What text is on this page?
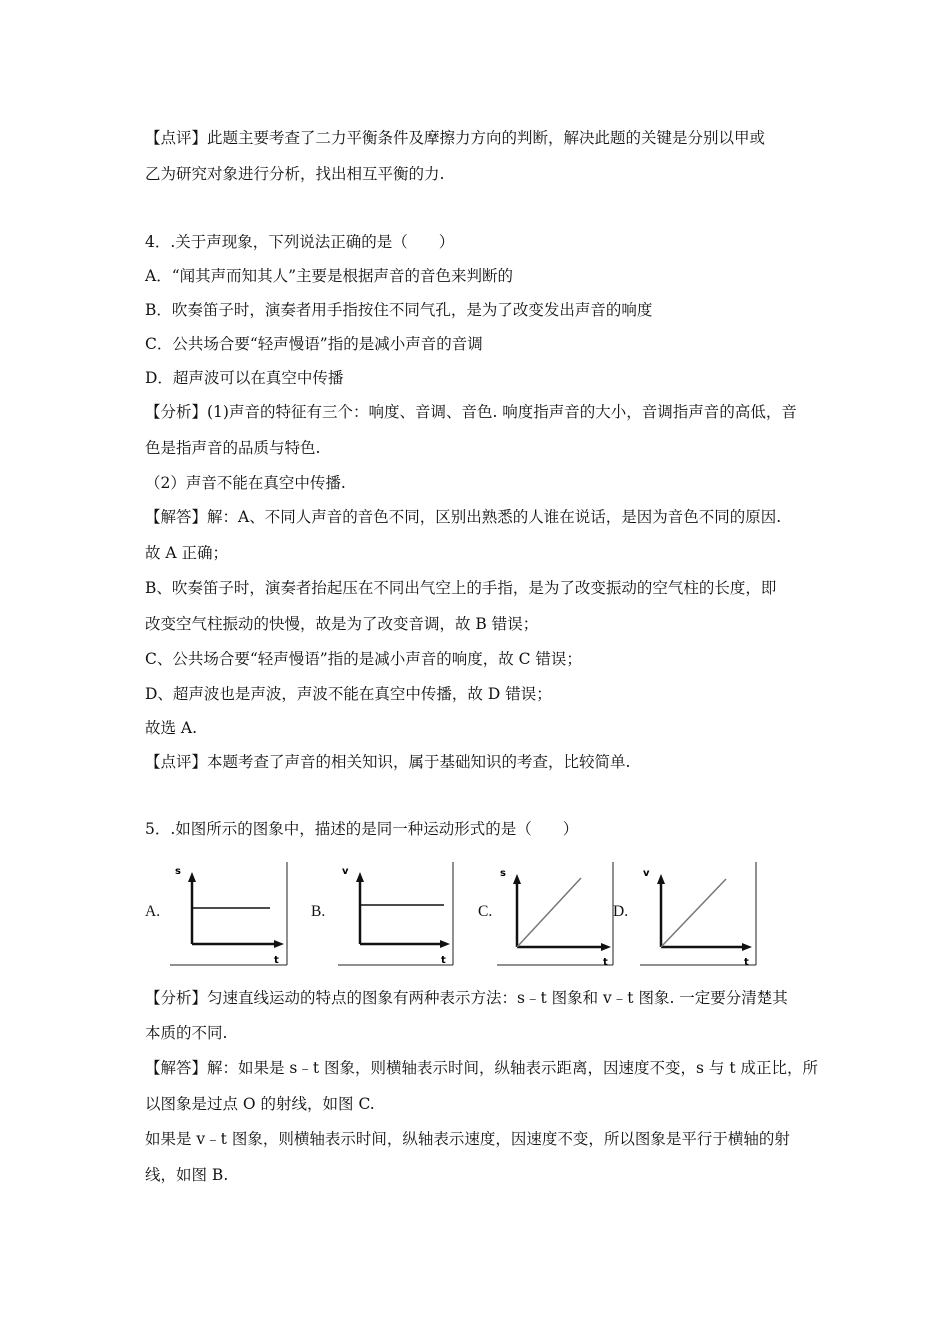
【点评】此题主要考查了二力平衡条件及摩擦力方向的判断，解决此题的关键是分别以甲或
乙为研究对象进行分析，找出相互平衡的力.
4．.关于声现象，下列说法正确的是（　　）
A．“闻其声而知其人”主要是根据声音的音色来判断的
B．吹奏笛子时，演奏者用手指按住不同气孔，是为了改变发出声音的响度
C．公共场合要“轻声慢语”指的是减小声音的音调
D．超声波可以在真空中传播
【分析】(1)声音的特征有三个：响度、音调、音色. 响度指声音的大小，音调指声音的高低，音
色是指声音的品质与特色.
（2）声音不能在真空中传播.
【解答】解：A、不同人声音的音色不同，区别出熟悉的人谁在说话，是因为音色不同的原因.
故 A 正确；
B、吹奏笛子时，演奏者抬起压在不同出气空上的手指，是为了改变振动的空气柱的长度，即
改变空气柱振动的快慢，故是为了改变音调，故 B 错误；
C、公共场合要“轻声慢语”指的是减小声音的响度，故 C 错误；
D、超声波也是声波，声波不能在真空中传播，故 D 错误；
故选 A.
【点评】本题考查了声音的相关知识，属于基础知识的考查，比较简单.
5．.如图所示的图象中，描述的是同一种运动形式的是（　　）
A.	B.	C.	D.
s
t
v
t
s
t
v
t
【分析】匀速直线运动的特点的图象有两种表示方法：s﹣t 图象和 v﹣t 图象. 一定要分清楚其
本质的不同.
【解答】解：如果是 s﹣t 图象，则横轴表示时间，纵轴表示距离，因速度不变，s 与 t 成正比，所
以图象是过点 O 的射线，如图 C.
如果是 v﹣t 图象，则横轴表示时间，纵轴表示速度，因速度不变，所以图象是平行于横轴的射
线，如图 B.
